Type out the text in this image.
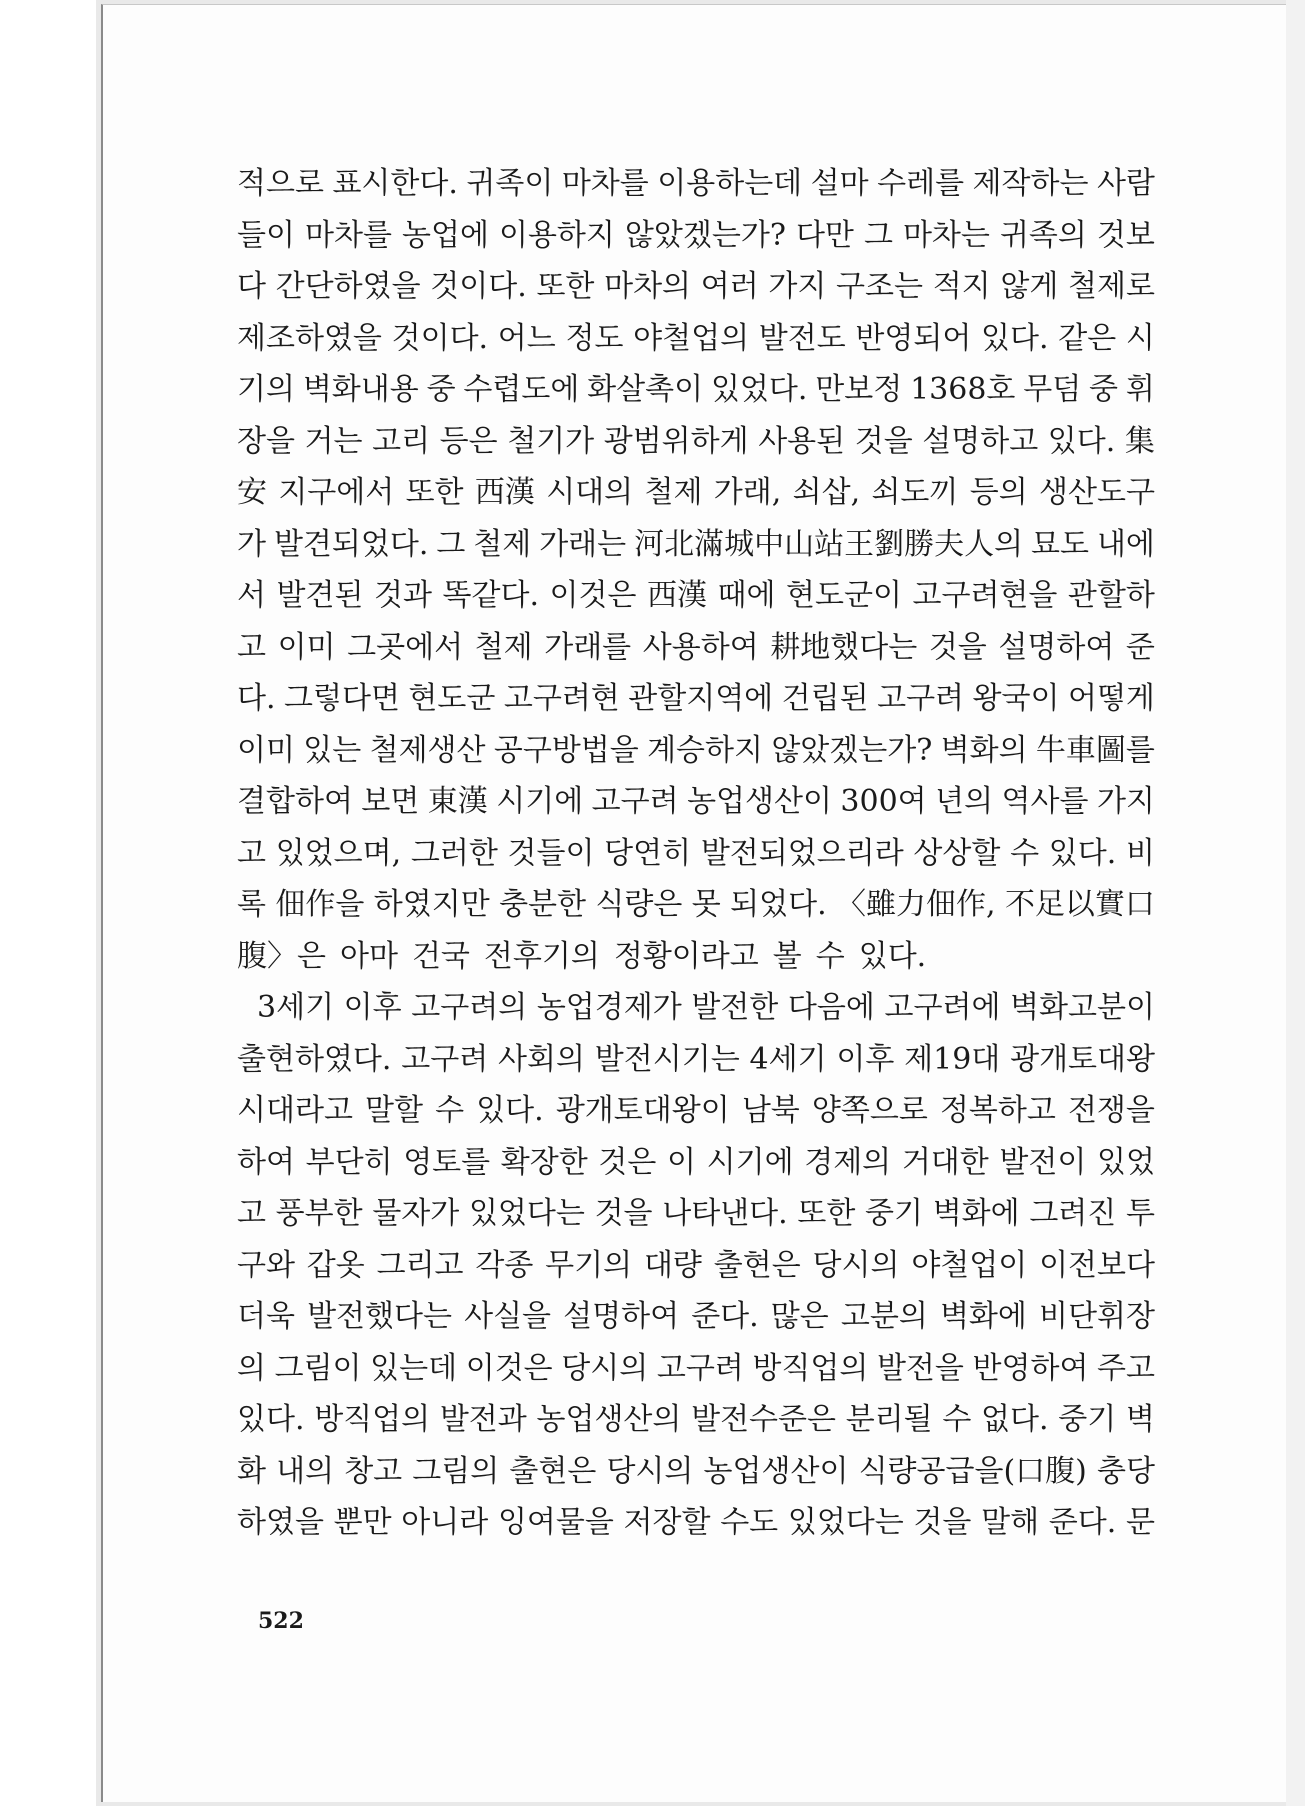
적으로 표시한다. 귀족이 마차를 이용하는데 설마 수레를 제작하는 사람
들이 마차를 농업에 이용하지 않았겠는가? 다만 그 마차는 귀족의 것보
다 간단하였을 것이다. 또한 마차의 여러 가지 구조는 적지 않게 철제로
제조하였을 것이다. 어느 정도 야철업의 발전도 반영되어 있다. 같은 시
기의 벽화내용 중 수렵도에 화살촉이 있었다. 만보정 1368호 무덤 중 휘
장을 거는 고리 등은 철기가 광범위하게 사용된 것을 설명하고 있다. 集
安 지구에서 또한 西漢 시대의 철제 가래, 쇠삽, 쇠도끼 등의 생산도구
가 발견되었다. 그 철제 가래는 河北滿城中山站王劉勝夫人의 묘도 내에
서 발견된 것과 똑같다. 이것은 西漢 때에 현도군이 고구려현을 관할하
고 이미 그곳에서 철제 가래를 사용하여 耕地했다는 것을 설명하여 준
다. 그렇다면 현도군 고구려현 관할지역에 건립된 고구려 왕국이 어떻게
이미 있는 철제생산 공구방법을 계승하지 않았겠는가? 벽화의 牛車圖를
결합하여 보면 東漢 시기에 고구려 농업생산이 300여 년의 역사를 가지
고 있었으며, 그러한 것들이 당연히 발전되었으리라 상상할 수 있다. 비
록 佃作을 하였지만 충분한 식량은 못 되었다. 〈雖力佃作, 不足以實口
腹〉은 아마 건국 전후기의 정황이라고 볼 수 있다.
3세기 이후 고구려의 농업경제가 발전한 다음에 고구려에 벽화고분이
출현하였다. 고구려 사회의 발전시기는 4세기 이후 제19대 광개토대왕
시대라고 말할 수 있다. 광개토대왕이 남북 양쪽으로 정복하고 전쟁을
하여 부단히 영토를 확장한 것은 이 시기에 경제의 거대한 발전이 있었
고 풍부한 물자가 있었다는 것을 나타낸다. 또한 중기 벽화에 그려진 투
구와 갑옷 그리고 각종 무기의 대량 출현은 당시의 야철업이 이전보다
더욱 발전했다는 사실을 설명하여 준다. 많은 고분의 벽화에 비단휘장
의 그림이 있는데 이것은 당시의 고구려 방직업의 발전을 반영하여 주고
있다. 방직업의 발전과 농업생산의 발전수준은 분리될 수 없다. 중기 벽
화 내의 창고 그림의 출현은 당시의 농업생산이 식량공급을(口腹) 충당
하였을 뿐만 아니라 잉여물을 저장할 수도 있었다는 것을 말해 준다. 문
522
